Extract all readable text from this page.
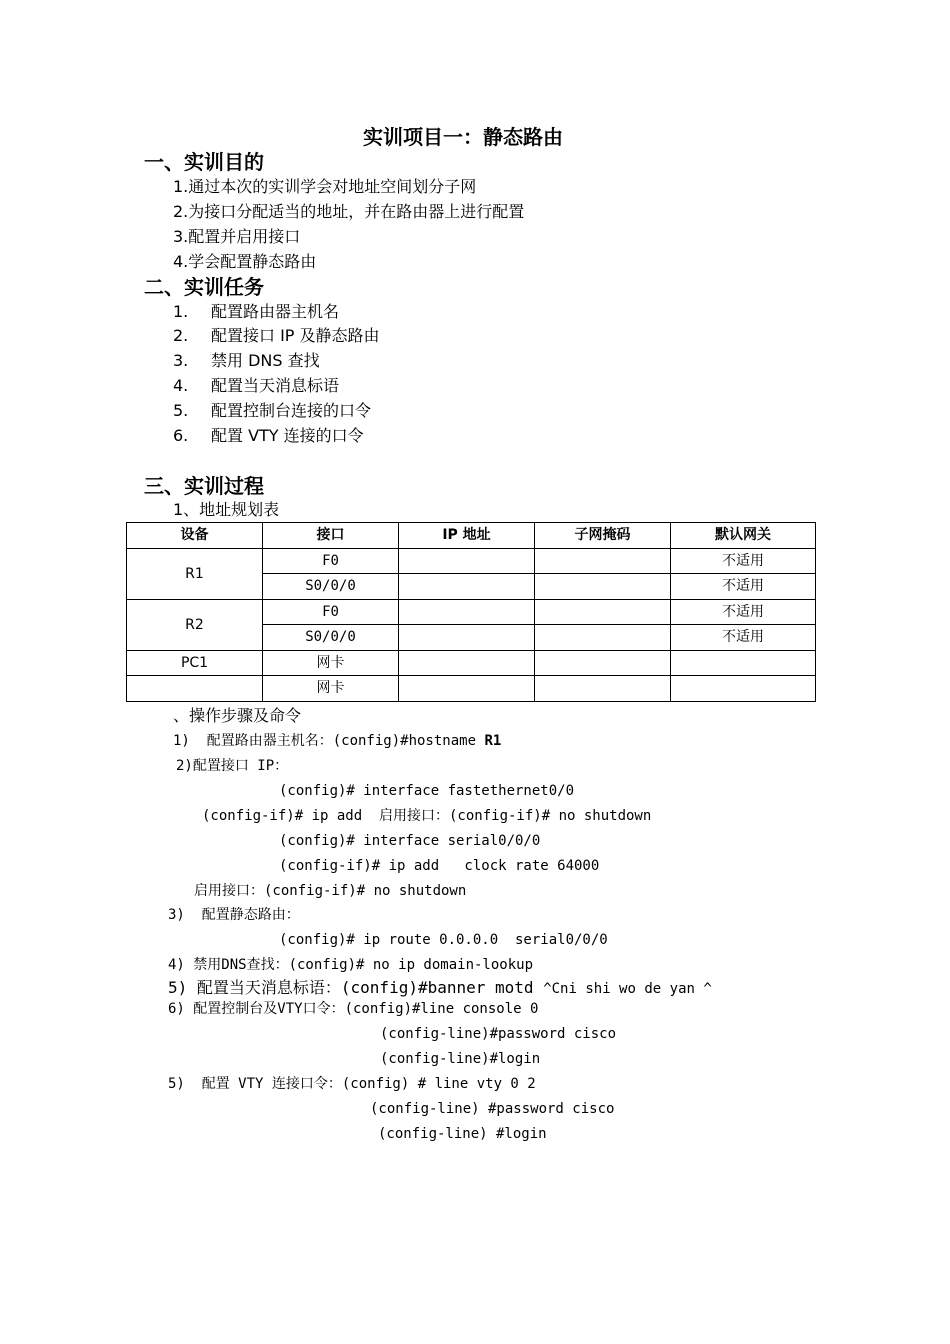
实训项目一：静态路由
一、实训目的
1.通过本次的实训学会对地址空间划分子网
2.为接口分配适当的地址，并在路由器上进行配置
3.配置并启用接口
4.学会配置静态路由
二、实训任务
1. 配置路由器主机名
2. 配置接口 IP 及静态路由
3. 禁用 DNS 查找
4. 配置当天消息标语
5. 配置控制台连接的口令
6. 配置 VTY 连接的口令
三、实训过程
1、地址规划表
设备	接口	IP 地址	子网掩码	默认网关
R1	F0			不适用
	S0/0/0			不适用
R2	F0			不适用
	S0/0/0			不适用
PC1	网卡			
	网卡			
、操作步骤及命令
1)  配置路由器主机名：(config)#hostname R1
2)配置接口 IP：
(config)# interface fastethernet0/0
(config-if)# ip add  启用接口：(config-if)# no shutdown
(config)# interface serial0/0/0
(config-if)# ip add   clock rate 64000
启用接口：(config-if)# no shutdown
3)  配置静态路由：
(config)# ip route 0.0.0.0  serial0/0/0
4) 禁用DNS查找：(config)# no ip domain-lookup
5) 配置当天消息标语：(config)#banner motd ^Cni shi wo de yan ^
6) 配置控制台及VTY口令：(config)#line console 0
(config-line)#password cisco
(config-line)#login
5)  配置 VTY 连接口令：(config) # line vty 0 2
(config-line) #password cisco
(config-line) #login
